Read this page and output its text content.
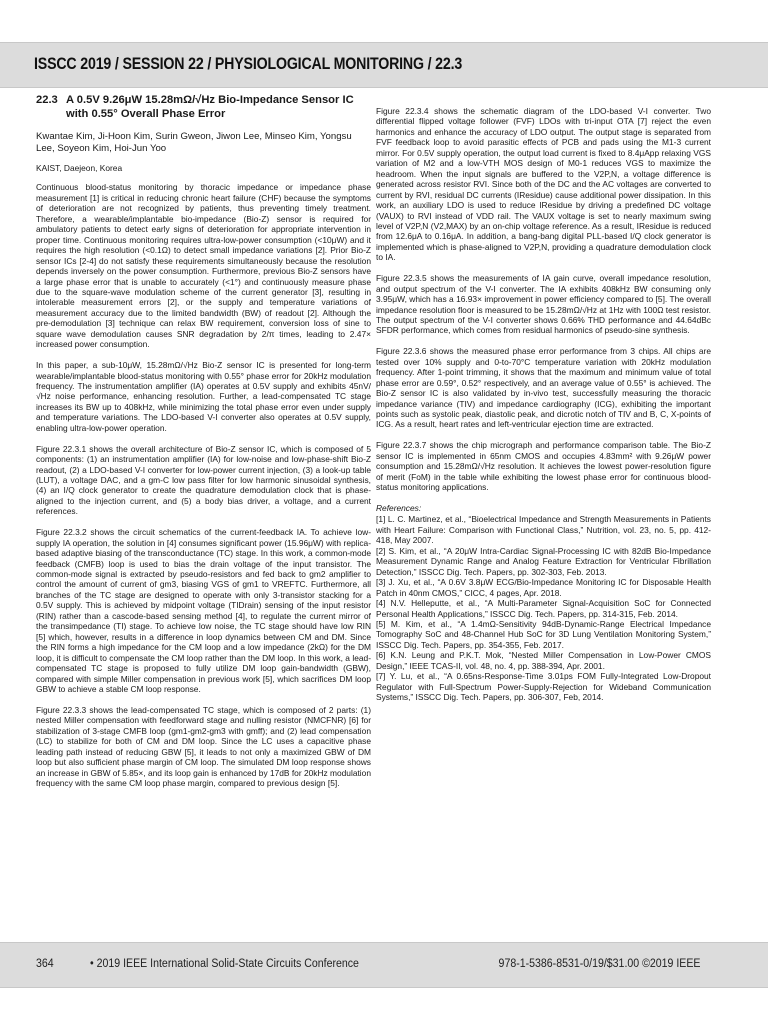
ISSCC 2019 / SESSION 22 / PHYSIOLOGICAL MONITORING / 22.3
22.3 A 0.5V 9.26μW 15.28mΩ/√Hz Bio-Impedance Sensor IC with 0.55° Overall Phase Error
Kwantae Kim, Ji-Hoon Kim, Surin Gweon, Jiwon Lee, Minseo Kim, Yongsu Lee, Soyeon Kim, Hoi-Jun Yoo
KAIST, Daejeon, Korea

Continuous blood-status monitoring by thoracic impedance or impedance phase measurement [1] is critical in reducing chronic heart failure (CHF) because the symptoms of deterioration are not recognized by patients, thus preventing timely treatment. Therefore, a wearable/implantable bio-impedance (Bio-Z) sensor is required for ambulatory patients to detect early signs of deterioration for appropriate intervention in proper time. Continuous monitoring requires ultra-low-power consumption (<10μW) and it requires the high resolution (<0.1Ω) to detect small impedance variations [2]. Prior Bio-Z sensor ICs [2-4] do not satisfy these requirements simultaneously because the resolution depends inversely on the power consumption. Furthermore, previous Bio-Z sensors have a large phase error that is unable to accurately (<1°) and continuously measure phase due to the square-wave modulation scheme of the current generator [3], resulting in intolerable measurement errors [2], or the supply and temperature variations of measurement accuracy due to the limited bandwidth (BW) of readout [2]. Although the pre-demodulation [3] technique can relax BW requirement, conversion loss of sine to square wave demodulation causes SNR degradation by 2/π times, leading to 2.47× increased power consumption.

In this paper, a sub-10μW, 15.28mΩ/√Hz Bio-Z sensor IC is presented for long-term wearable/implantable blood-status monitoring with 0.55° phase error for 20kHz modulation frequency. The instrumentation amplifier (IA) operates at 0.5V supply and exhibits 45nV/√Hz noise performance, enhancing resolution. Further, a lead-compensated TC stage increases its BW up to 408kHz, while minimizing the total phase error even under supply and temperature variations. The LDO-based V-I converter also operates at 0.5V supply, enabling ultra-low-power operation.

Figure 22.3.1 shows the overall architecture of Bio-Z sensor IC, which is composed of 5 components: (1) an instrumentation amplifier (IA) for low-noise and low-phase-shift Bio-Z readout, (2) a LDO-based V-I converter for low-power current injection, (3) a look-up table (LUT), a voltage DAC, and a gm-C low pass filter for low harmonic sinusoidal synthesis, (4) an I/Q clock generator to create the quadrature demodulation clock that is phase-aligned to the injection current, and (5) a body bias driver, a voltage, and a current references.

Figure 22.3.2 shows the circuit schematics of the current-feedback IA. To achieve low-supply IA operation, the solution in [4] consumes significant power (15.96μW) with replica-based adaptive biasing of the transconductance (TC) stage. In this work, a common-mode feedback (CMFB) loop is used to bias the drain voltage of the input transistor. The common-mode signal is extracted by pseudo-resistors and fed back to gm2 amplifier to control the amount of current of gm3, biasing VGS of gm1 to VREFTC. Furthermore, all branches of the TC stage are designed to operate with only 3-transistor stacking for a 0.5V supply. This is achieved by midpoint voltage (TIDrain) sensing of the input resistor (RIN) rather than a cascode-based sensing method [4], to regulate the current mirror of the transimpedance (TI) stage. To achieve low noise, the TC stage should have low RIN [5] which, however, results in a difference in loop dynamics between CM and DM. Since the RIN forms a high impedance for the CM loop and a low impedance (2kΩ) for the DM loop, it is difficult to compensate the CM loop rather than the DM loop. In this work, a lead-compensated TC stage is proposed to fully utilize DM loop gain-bandwidth (GBW), compared with simple Miller compensation in previous work [5], which sacrifices DM loop GBW to achieve a stable CM loop response.

Figure 22.3.3 shows the lead-compensated TC stage, which is composed of 2 parts: (1) nested Miller compensation with feedforward stage and nulling resistor (NMCFNR) [6] for stabilization of 3-stage CMFB loop (gm1-gm2-gm3 with gmff); and (2) lead compensation (LC) to stabilize for both of CM and DM loop. Since the LC uses a capacitive phase leading path instead of reducing GBW [5], it leads to not only a maximized GBW of DM loop but also sufficient phase margin of CM loop. The simulated DM loop response shows an increase in GBW of 5.85×, and its loop gain is enhanced by 17dB for 20kHz modulation frequency with the same CM loop phase margin, compared to previous design [5].

Figure 22.3.4 shows the schematic diagram of the LDO-based V-I converter. Two differential flipped voltage follower (FVF) LDOs with tri-input OTA [7] reject the even harmonics and enhance the accuracy of LDO output. The output stage is separated from FVF feedback loop to avoid parasitic effects of PCB and pads using the M1-3 current mirror. For 0.5V supply operation, the output load current is fixed to 8.4μApp relaxing VGS variation of M2 and a low-VTH MOS design of M0-1 reduces VGS to maximize the headroom. When the input signals are buffered to the V2P,N, a voltage difference is generated across resistor RVI. Since both of the DC and the AC voltages are converted to current by RVI, residual DC currents (IResidue) cause additional power dissipation. In this work, an auxiliary LDO is used to reduce IResidue by driving a predefined DC voltage (VAUX) to RVI instead of VDD rail. The VAUX voltage is set to nearly maximum swing level of V2P,N (V2,MAX) by an on-chip voltage reference. As a result, IResidue is reduced from 12.6μA to 0.16μA. In addition, a bang-bang digital PLL-based I/Q clock generator is implemented which is phase-aligned to V2P,N, providing a quadrature demodulation clock to IA.

Figure 22.3.5 shows the measurements of IA gain curve, overall impedance resolution, and output spectrum of the V-I converter. The IA exhibits 408kHz BW consuming only 3.95μW, which has a 16.93× improvement in power efficiency compared to [5]. The overall impedance resolution floor is measured to be 15.28mΩ/√Hz at 1Hz with 100Ω test resistor. The output spectrum of the V-I converter shows 0.66% THD performance and 44.64dBc SFDR performance, which comes from residual harmonics of pseudo-sine synthesis.

Figure 22.3.6 shows the measured phase error performance from 3 chips. All chips are tested over 10% supply and 0-to-70°C temperature variation with 20kHz modulation frequency. After 1-point trimming, it shows that the maximum and minimum value of total phase error are 0.59°, 0.52° respectively, and an average value of 0.55° is achieved. The Bio-Z sensor IC is also validated by in-vivo test, successfully measuring the thoracic impedance variance (TIV) and impedance cardiography (ICG), exhibiting the important points such as systolic peak, diastolic peak, and dicrotic notch of TIV and B, C, X-points of ICG. As a result, heart rates and left-ventricular ejection time are extracted.

Figure 22.3.7 shows the chip micrograph and performance comparison table. The Bio-Z sensor IC is implemented in 65nm CMOS and occupies 4.83mm² with 9.26μW power consumption and 15.28mΩ/√Hz resolution. It achieves the lowest power-resolution figure of merit (FoM) in the table while exhibiting the lowest phase error for continuous blood-status monitoring applications.

References:
[1] L. C. Martinez, et al., “Bioelectrical Impedance and Strength Measurements in Patients with Heart Failure: Comparison with Functional Class,” Nutrition, vol. 23, no. 5, pp. 412-418, May 2007.
[2] S. Kim, et al., “A 20μW Intra-Cardiac Signal-Processing IC with 82dB Bio-Impedance Measurement Dynamic Range and Analog Feature Extraction for Ventricular Fibrillation Detection,” ISSCC Dig. Tech. Papers, pp. 302-303, Feb. 2013.
[3] J. Xu, et al., “A 0.6V 3.8μW ECG/Bio-Impedance Monitoring IC for Disposable Health Patch in 40nm CMOS,” CICC, 4 pages, Apr. 2018.
[4] N.V. Helleputte, et al., “A Multi-Parameter Signal-Acquisition SoC for Connected Personal Health Applications,” ISSCC Dig. Tech. Papers, pp. 314-315, Feb. 2014.
[5] M. Kim, et al., “A 1.4mΩ-Sensitivity 94dB-Dynamic-Range Electrical Impedance Tomography SoC and 48-Channel Hub SoC for 3D Lung Ventilation Monitoring System,” ISSCC Dig. Tech. Papers, pp. 354-355, Feb. 2017.
[6] K.N. Leung and P.K.T. Mok, “Nested Miller Compensation in Low-Power CMOS Design,” IEEE TCAS-II, vol. 48, no. 4, pp. 388-394, Apr. 2001.
[7] Y. Lu, et al., “A 0.65ns-Response-Time 3.01ps FOM Fully-Integrated Low-Dropout Regulator with Full-Spectrum Power-Supply-Rejection for Wideband Communication Systems,” ISSCC Dig. Tech. Papers, pp. 306-307, Feb, 2014.
364	• 2019 IEEE International Solid-State Circuits Conference	978-1-5386-8531-0/19/$31.00 ©2019 IEEE
